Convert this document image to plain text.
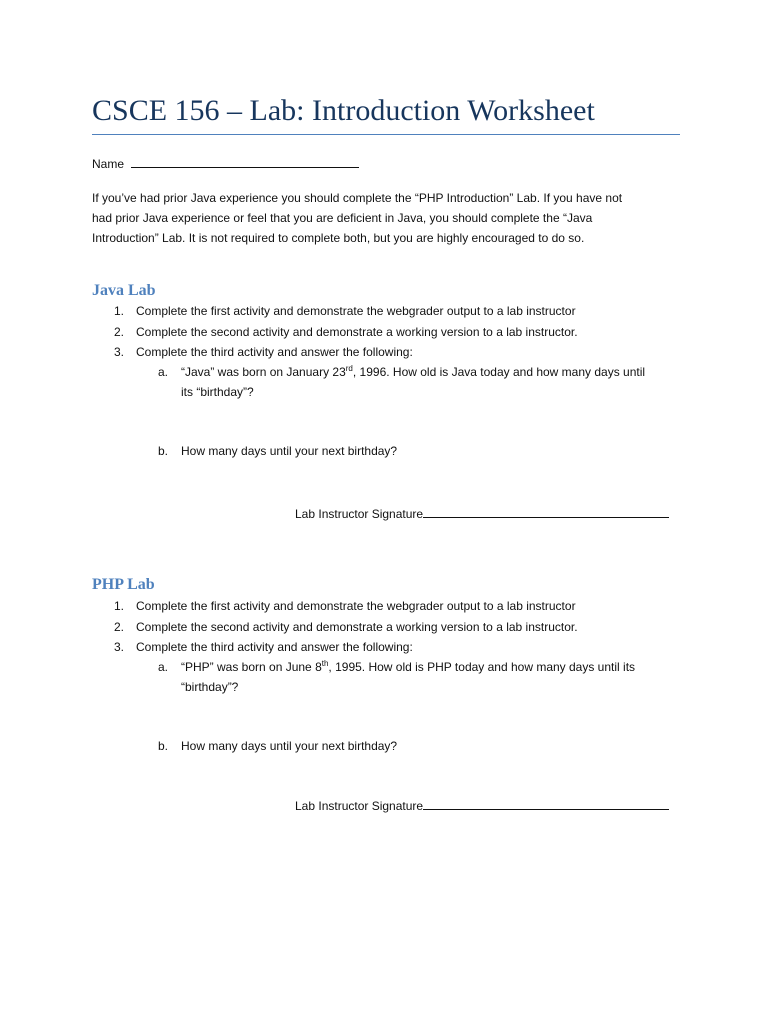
CSCE 156 – Lab: Introduction Worksheet
Name
If you’ve had prior Java experience you should complete the “PHP Introduction” Lab. If you have not
had prior Java experience or feel that you are deficient in Java, you should complete the “Java
Introduction” Lab. It is not required to complete both, but you are highly encouraged to do so.
Java Lab
1. Complete the first activity and demonstrate the webgrader output to a lab instructor
2. Complete the second activity and demonstrate a working version to a lab instructor.
3. Complete the third activity and answer the following:
a. “Java” was born on January 23rd, 1996. How old is Java today and how many days until
its “birthday”?
b. How many days until your next birthday?
Lab Instructor Signature
PHP Lab
1. Complete the first activity and demonstrate the webgrader output to a lab instructor
2. Complete the second activity and demonstrate a working version to a lab instructor.
3. Complete the third activity and answer the following:
a. “PHP” was born on June 8th, 1995. How old is PHP today and how many days until its
“birthday”?
b. How many days until your next birthday?
Lab Instructor Signature
